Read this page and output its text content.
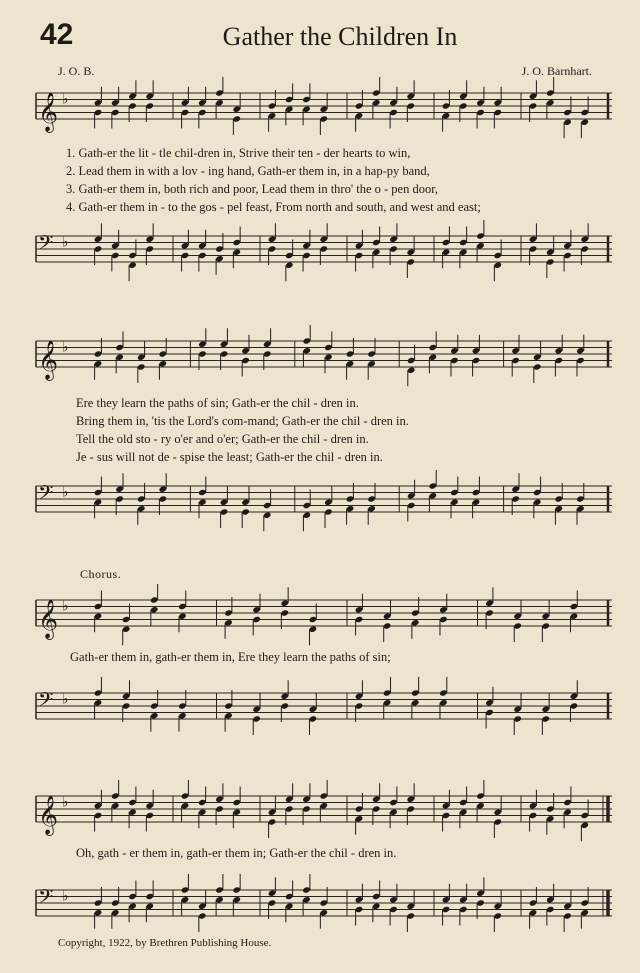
42	Gather the Children In
J. O. B.	J. O. Barnhart.
𝄞 ♭
1. Gath-er the lit - tle chil-dren in, Strive their ten - der hearts to win,
2. Lead them in with a lov - ing hand, Gath-er them in, in a hap-py band,
3. Gath-er them in, both rich and poor, Lead them in thro' the o - pen door,
4. Gath-er them in - to the gos - pel feast, From north and south, and west and east;
𝄢 ♭
𝄞 ♭
Ere they learn the paths of sin; Gath-er the chil - dren in.
Bring them in, 'tis the Lord's com-mand; Gath-er the chil - dren in.
Tell the old sto - ry o'er and o'er; Gath-er the chil - dren in.
Je - sus will not de - spise the least; Gath-er the chil - dren in.
𝄢 ♭
Chorus.
𝄞 ♭
Gath-er them in, gath-er them in, Ere they learn the paths of sin;
𝄢 ♭
𝄞 ♭
Oh, gath - er them in, gath-er them in; Gath-er the chil - dren in.
𝄢 ♭
Copyright, 1922, by Brethren Publishing House.
